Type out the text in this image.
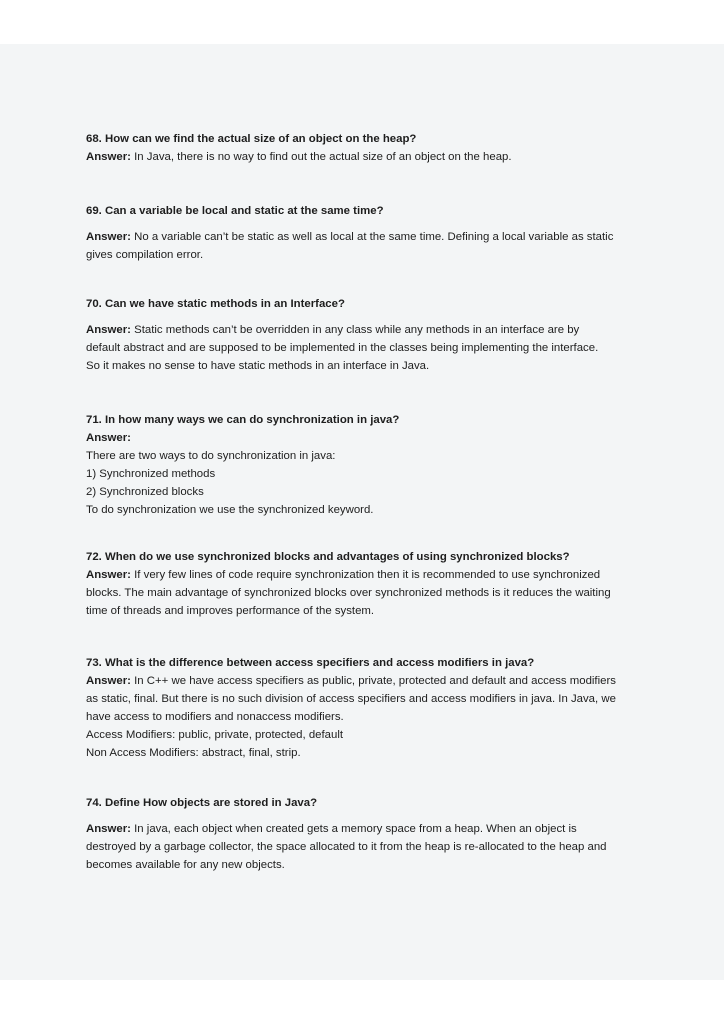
68. How can we find the actual size of an object on the heap?

Answer: In Java, there is no way to find out the actual size of an object on the heap.

69. Can a variable be local and static at the same time?

Answer: No a variable can’t be static as well as local at the same time. Defining a local variable as static

gives compilation error.

70. Can we have static methods in an Interface?

Answer: Static methods can’t be overridden in any class while any methods in an interface are by

default abstract and are supposed to be implemented in the classes being implementing the interface.

So it makes no sense to have static methods in an interface in Java.

71. In how many ways we can do synchronization in java?

Answer:

There are two ways to do synchronization in java:

1) Synchronized methods

2) Synchronized blocks

To do synchronization we use the synchronized keyword.

72. When do we use synchronized blocks and advantages of using synchronized blocks?

Answer: If very few lines of code require synchronization then it is recommended to use synchronized

blocks. The main advantage of synchronized blocks over synchronized methods is it reduces the waiting

time of threads and improves performance of the system.

73. What is the difference between access specifiers and access modifiers in java?

Answer: In C++ we have access specifiers as public, private, protected and default and access modifiers

as static, final. But there is no such division of access specifiers and access modifiers in java. In Java, we

have access to modifiers and nonaccess modifiers.

Access Modifiers: public, private, protected, default

Non Access Modifiers: abstract, final, strip.

74. Define How objects are stored in Java?

Answer: In java, each object when created gets a memory space from a heap. When an object is

destroyed by a garbage collector, the space allocated to it from the heap is re-allocated to the heap and

becomes available for any new objects.
